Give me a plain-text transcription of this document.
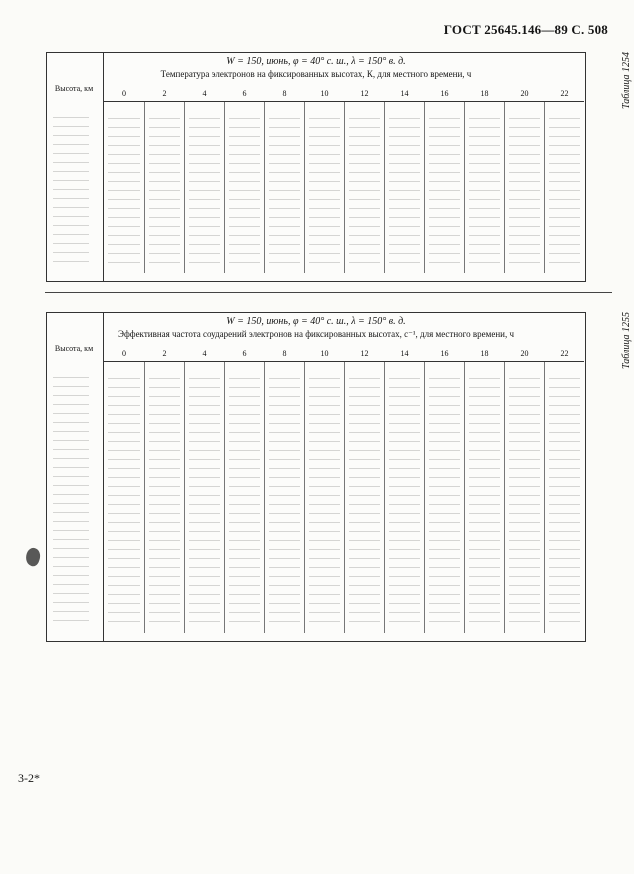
ГОСТ 25645.146—89 С. 508
Таблица 1254
W = 150, июнь, φ = 40° с. ш., λ = 150° в. д.
Температура электронов на фиксированных высотах, К, для местного времени, ч
Высота, км
0	2	4	6	8	10	12	14	16	18	20	22
Таблица 1255
W = 150, июнь, φ = 40° с. ш., λ = 150° в. д.
Эффективная частота соударений электронов на фиксированных высотах, с⁻¹, для местного времени, ч
Высота, км
0	2	4	6	8	10	12	14	16	18	20	22
3-2*
